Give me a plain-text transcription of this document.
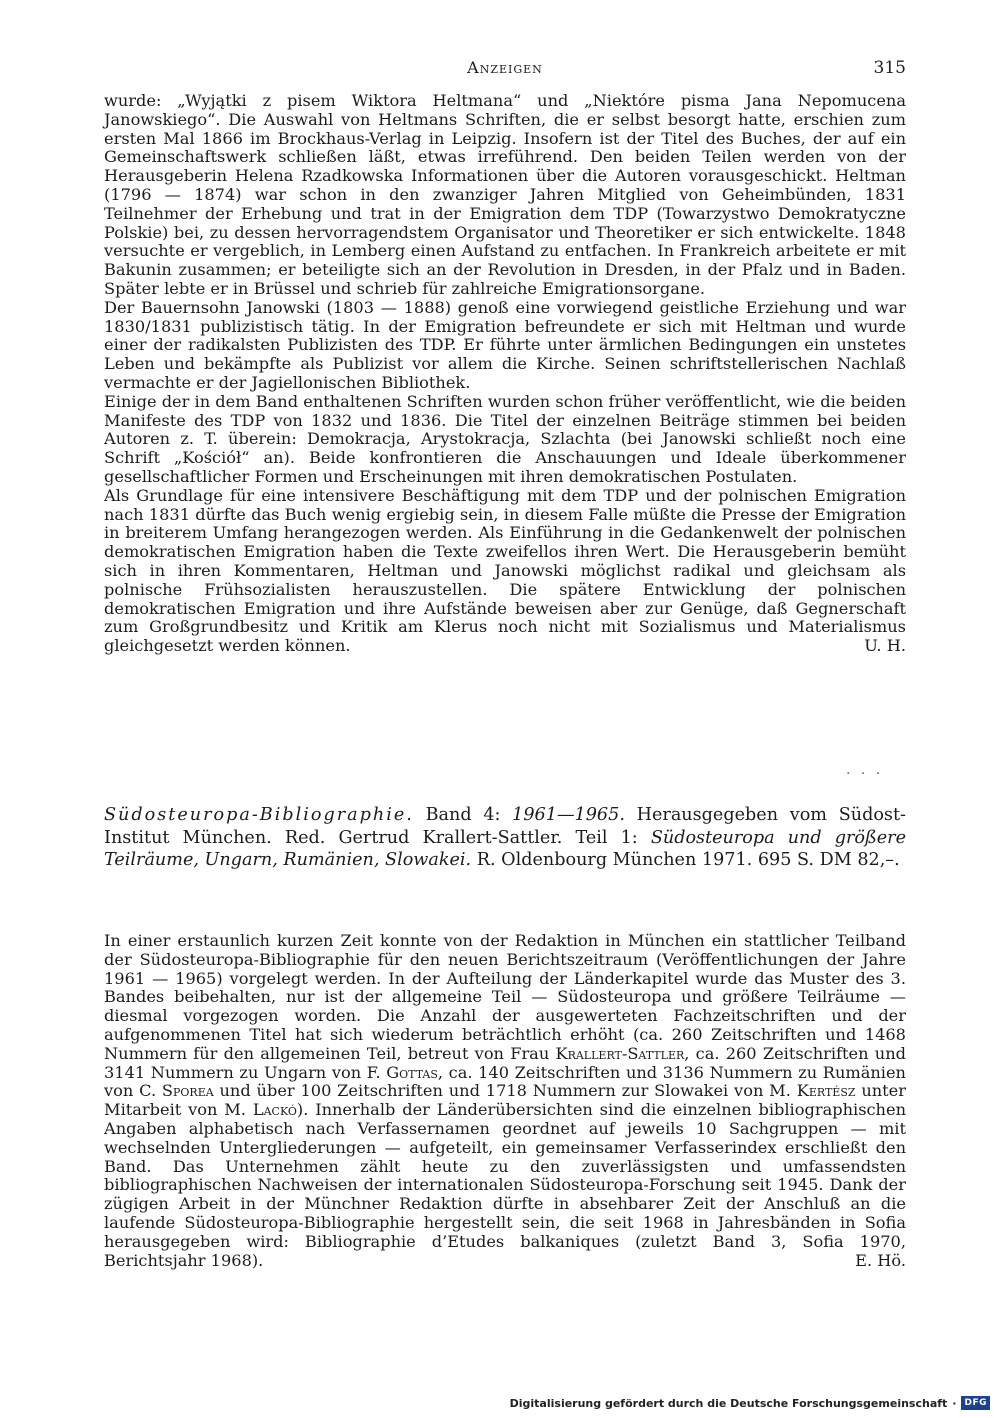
Anzeigen	315

wurde: „Wyjątki z pisem Wiktora Heltmana“ und „Niektóre pisma Jana Nepomucena Janowskiego“. Die Auswahl von Heltmans Schriften, die er selbst besorgt hatte, erschien zum ersten Mal 1866 im Brockhaus-Verlag in Leipzig. Insofern ist der Titel des Buches, der auf ein Gemeinschaftswerk schließen läßt, etwas irreführend. Den beiden Teilen werden von der Herausgeberin Helena Rzadkowska Informationen über die Autoren vorausgeschickt. Heltman (1796 — 1874) war schon in den zwanziger Jahren Mitglied von Geheimbünden, 1831 Teilnehmer der Erhebung und trat in der Emigration dem TDP (Towarzystwo Demokratyczne Polskie) bei, zu dessen hervorragendstem Organisator und Theoretiker er sich entwickelte. 1848 versuchte er vergeblich, in Lemberg einen Aufstand zu entfachen. In Frankreich arbeitete er mit Bakunin zusammen; er beteiligte sich an der Revolution in Dresden, in der Pfalz und in Baden. Später lebte er in Brüssel und schrieb für zahlreiche Emigrationsorgane.

Der Bauernsohn Janowski (1803 — 1888) genoß eine vorwiegend geistliche Erziehung und war 1830/1831 publizistisch tätig. In der Emigration befreundete er sich mit Heltman und wurde einer der radikalsten Publizisten des TDP. Er führte unter ärmlichen Bedingungen ein unstetes Leben und bekämpfte als Publizist vor allem die Kirche. Seinen schriftstellerischen Nachlaß vermachte er der Jagiellonischen Bibliothek.

Einige der in dem Band enthaltenen Schriften wurden schon früher veröffentlicht, wie die beiden Manifeste des TDP von 1832 und 1836. Die Titel der einzelnen Beiträge stimmen bei beiden Autoren z. T. überein: Demokracja, Arystokracja, Szlachta (bei Janowski schließt noch eine Schrift „Kościół“ an). Beide konfrontieren die Anschauungen und Ideale überkommener gesellschaftlicher Formen und Erscheinungen mit ihren demokratischen Postulaten.

Als Grundlage für eine intensivere Beschäftigung mit dem TDP und der polnischen Emigration nach 1831 dürfte das Buch wenig ergiebig sein, in diesem Falle müßte die Presse der Emigration in breiterem Umfang herangezogen werden. Als Einführung in die Gedankenwelt der polnischen demokratischen Emigration haben die Texte zweifellos ihren Wert. Die Herausgeberin bemüht sich in ihren Kommentaren, Heltman und Janowski möglichst radikal und gleichsam als polnische Frühsozialisten herauszustellen. Die spätere Entwicklung der polnischen demokratischen Emigration und ihre Aufstände beweisen aber zur Genüge, daß Gegnerschaft zum Großgrundbesitz und Kritik am Klerus noch nicht mit Sozialismus und Materialismus gleichgesetzt werden können.	U. H.

. . .
Südosteuropa-Bibliographie. Band 4: 1961—1965. Herausgegeben vom Südost-Institut München. Red. Gertrud Krallert-Sattler. Teil 1: Südosteuropa und größere Teilräume, Ungarn, Rumänien, Slowakei. R. Oldenbourg München 1971. 695 S. DM 82,–.

In einer erstaunlich kurzen Zeit konnte von der Redaktion in München ein stattlicher Teilband der Südosteuropa-Bibliographie für den neuen Berichtszeitraum (Veröffentlichungen der Jahre 1961 — 1965) vorgelegt werden. In der Aufteilung der Länderkapitel wurde das Muster des 3. Bandes beibehalten, nur ist der allgemeine Teil — Südosteuropa und größere Teilräume — diesmal vorgezogen worden. Die Anzahl der ausgewerteten Fachzeitschriften und der aufgenommenen Titel hat sich wiederum beträchtlich erhöht (ca. 260 Zeitschriften und 1468 Nummern für den allgemeinen Teil, betreut von Frau Krallert-Sattler, ca. 260 Zeitschriften und 3141 Nummern zu Ungarn von F. Gottas, ca. 140 Zeitschriften und 3136 Nummern zu Rumänien von C. Sporea und über 100 Zeitschriften und 1718 Nummern zur Slowakei von M. Kertész unter Mitarbeit von M. Lackó). Innerhalb der Länderübersichten sind die einzelnen bibliographischen Angaben alphabetisch nach Verfassernamen geordnet auf jeweils 10 Sachgruppen — mit wechselnden Untergliederungen — aufgeteilt, ein gemeinsamer Verfasserindex erschließt den Band. Das Unternehmen zählt heute zu den zuverlässigsten und umfassendsten bibliographischen Nachweisen der internationalen Südosteuropa-Forschung seit 1945. Dank der zügigen Arbeit in der Münchner Redaktion dürfte in absehbarer Zeit der Anschluß an die laufende Südosteuropa-Bibliographie hergestellt sein, die seit 1968 in Jahresbänden in Sofia herausgegeben wird: Bibliographie d’Etudes balkaniques (zuletzt Band 3, Sofia 1970, Berichtsjahr 1968).	E. Hö.

Digitalisierung gefördert durch die Deutsche Forschungsgemeinschaft · DFG
